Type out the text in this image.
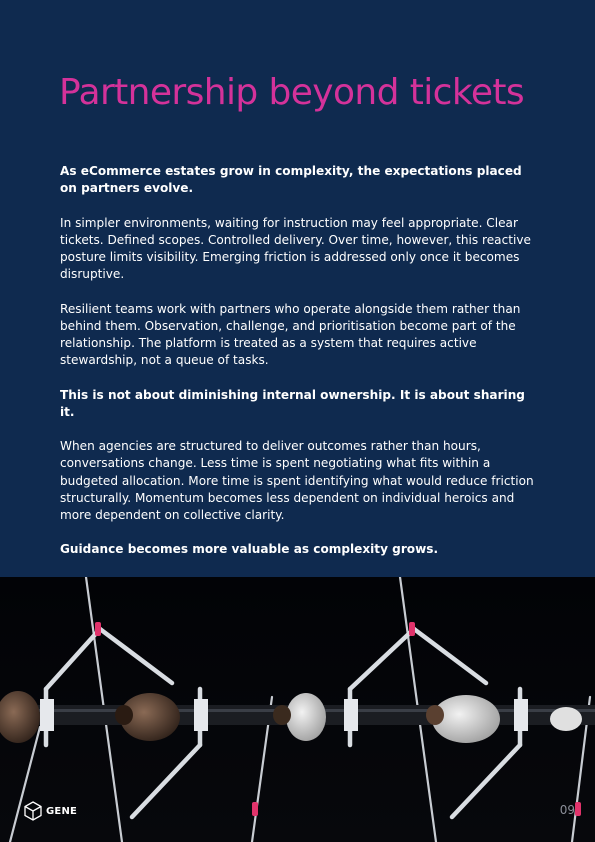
Partnership beyond tickets

As eCommerce estates grow in complexity, the expectations placed on partners evolve.

In simpler environments, waiting for instruction may feel appropriate. Clear tickets. Defined scopes. Controlled delivery. Over time, however, this reactive posture limits visibility. Emerging friction is addressed only once it becomes disruptive.

Resilient teams work with partners who operate alongside them rather than behind them. Observation, challenge, and prioritisation become part of the relationship. The platform is treated as a system that requires active stewardship, not a queue of tasks.

This is not about diminishing internal ownership. It is about sharing it.

When agencies are structured to deliver outcomes rather than hours, conversations change. Less time is spent negotiating what fits within a budgeted allocation. More time is spent identifying what would reduce friction structurally. Momentum becomes less dependent on individual heroics and more dependent on collective clarity.

Guidance becomes more valuable as complexity grows.

GENE	09
